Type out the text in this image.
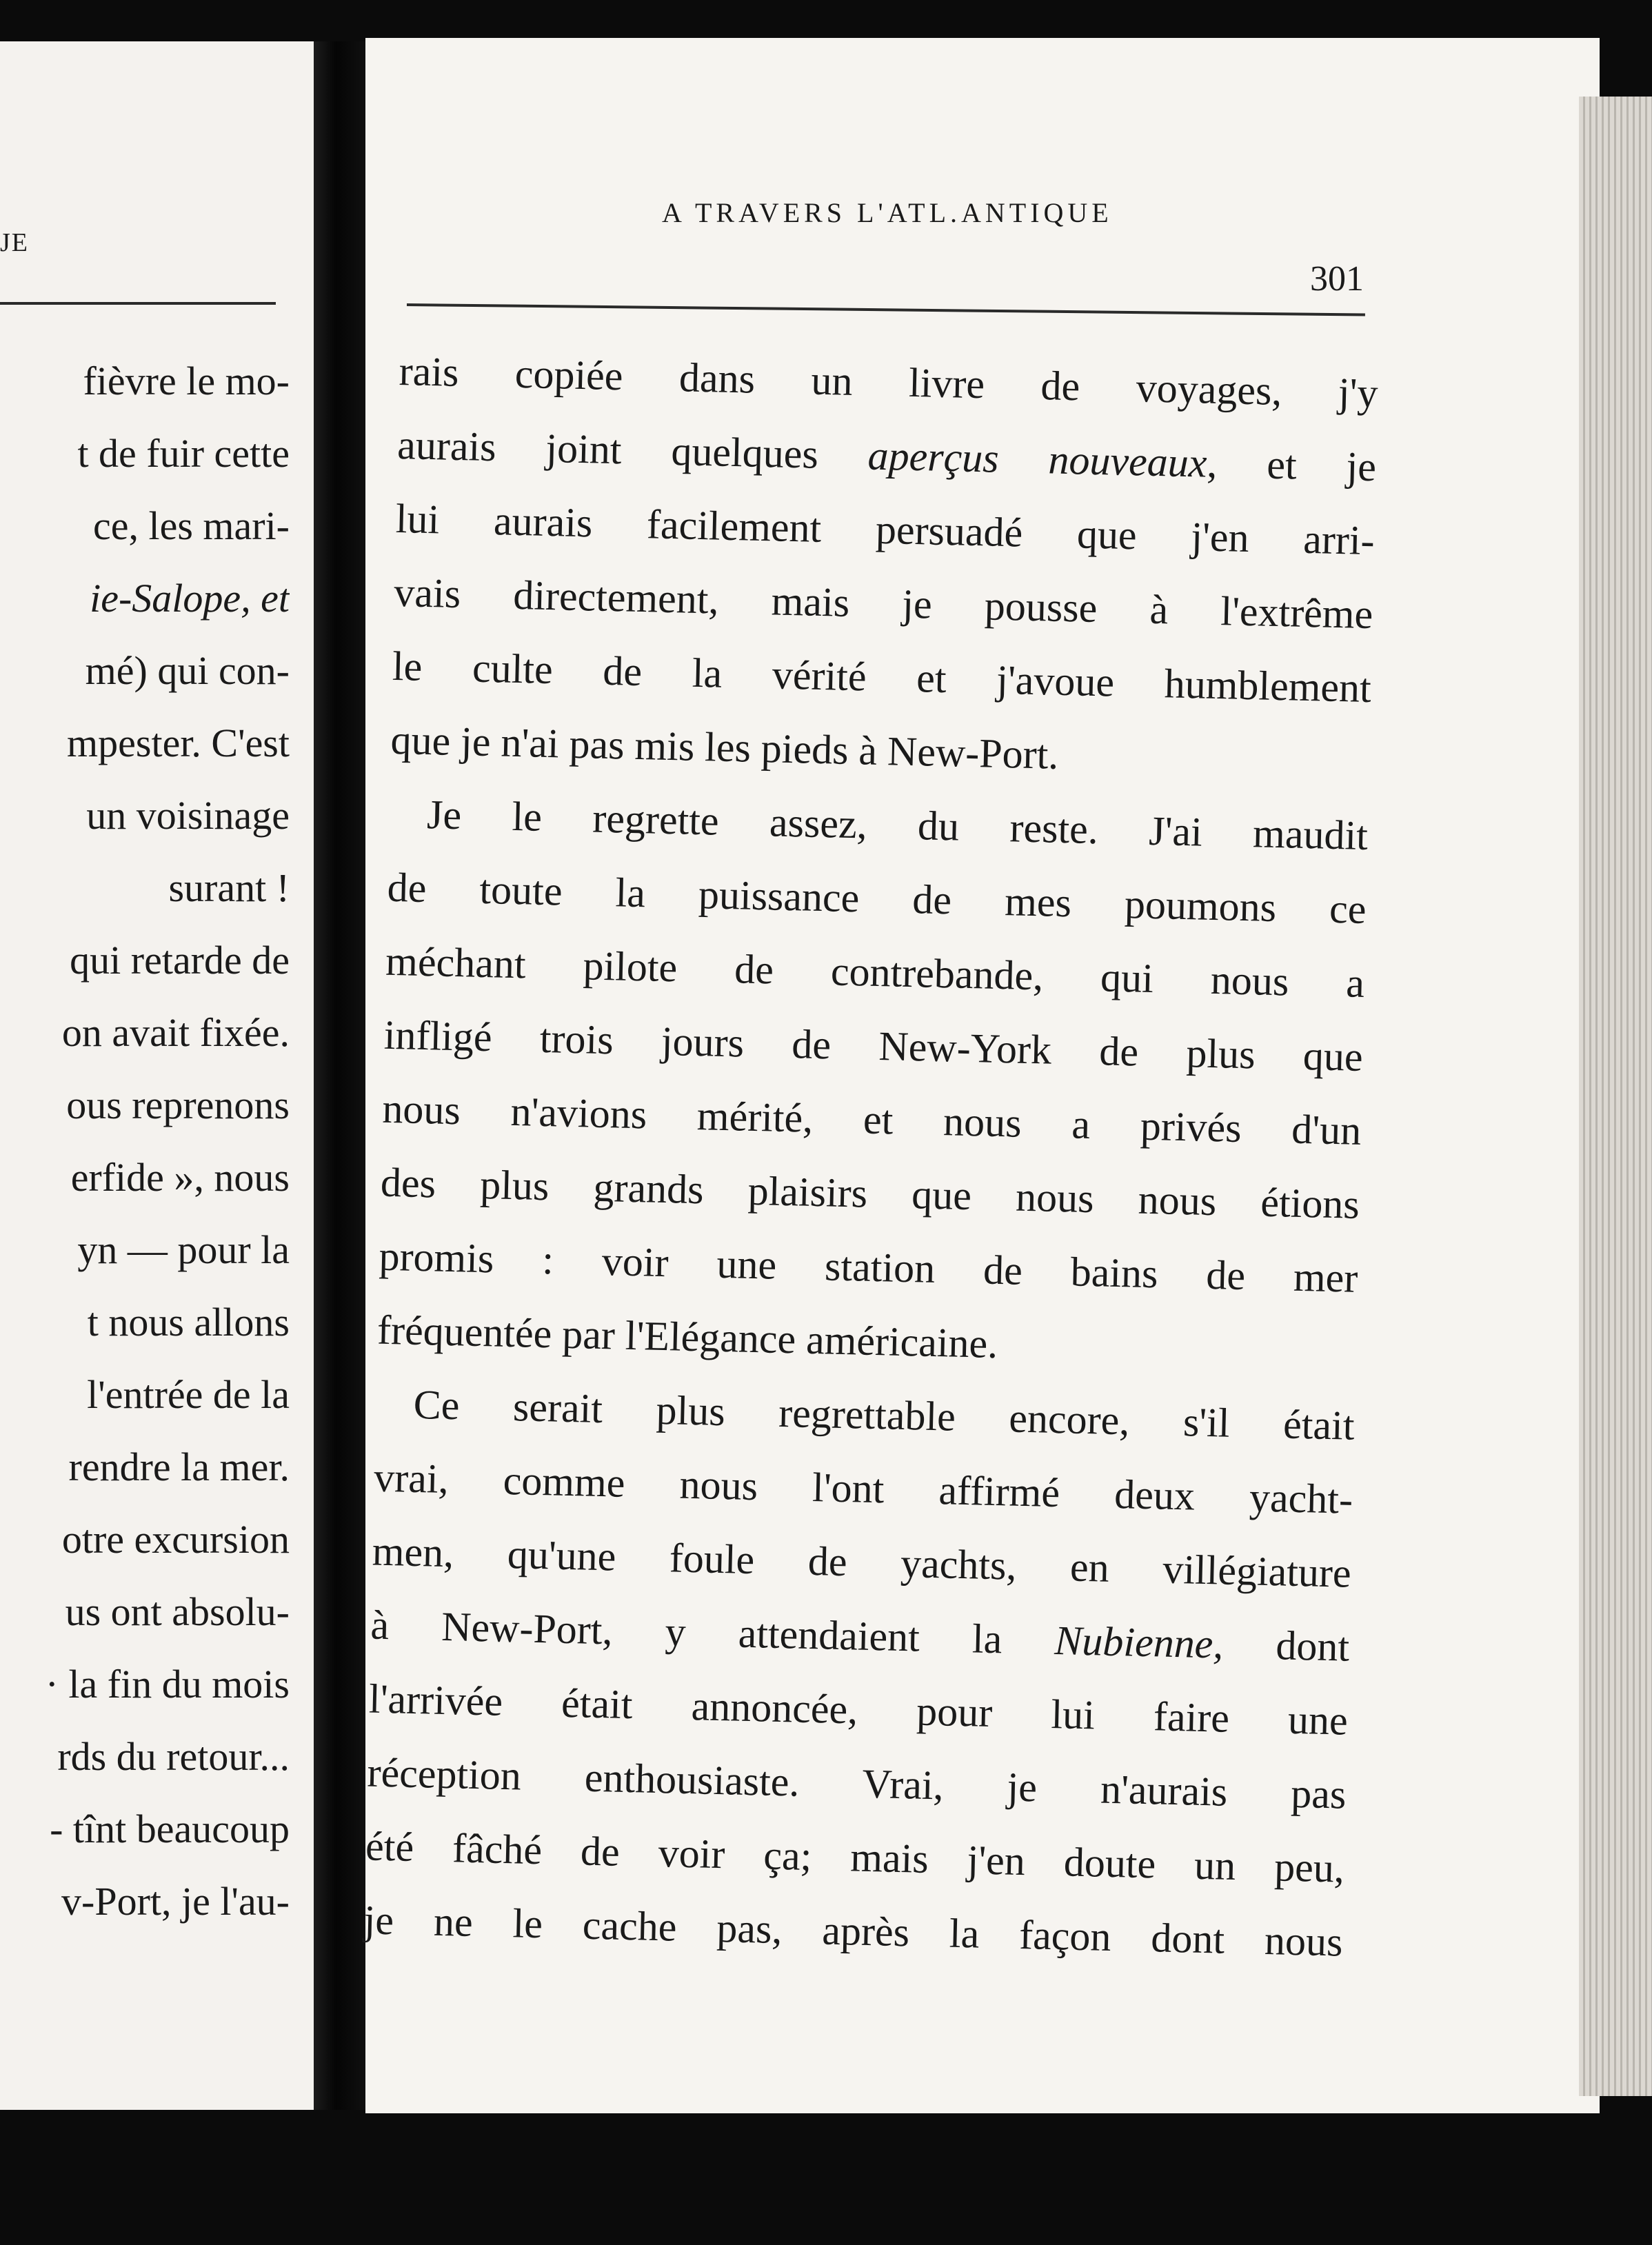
JE
fièvre le mo-
t de fuir cette
ce, les mari-
ie-Salope, et
mé) qui con-
mpester. C'est
un voisinage
surant !
qui retarde de
on avait fixée.
ous reprenons
erfide », nous
yn — pour la
t nous allons
l'entrée de la
rendre la mer.
otre excursion
us ont absolu-
· la fin du mois
rds du retour...
- tînt beaucoup
v-Port, je l'au-
A TRAVERS L'ATL.ANTIQUE
301
rais copiée dans un livre de voyages, j'y
aurais joint quelques aperçus nouveaux, et je
lui aurais facilement persuadé que j'en arri-
vais directement, mais je pousse à l'extrême
le culte de la vérité et j'avoue humblement
que je n'ai pas mis les pieds à New-Port.
Je le regrette assez, du reste. J'ai maudit
de toute la puissance de mes poumons ce
méchant pilote de contrebande, qui nous a
infligé trois jours de New-York de plus que
nous n'avions mérité, et nous a privés d'un
des plus grands plaisirs que nous nous étions
promis : voir une station de bains de mer
fréquentée par l'Elégance américaine.
Ce serait plus regrettable encore, s'il était
vrai, comme nous l'ont affirmé deux yacht-
men, qu'une foule de yachts, en villégiature
à New-Port, y attendaient la Nubienne, dont
l'arrivée était annoncée, pour lui faire une
réception enthousiaste. Vrai, je n'aurais pas
été fâché de voir ça; mais j'en doute un peu,
je ne le cache pas, après la façon dont nous
